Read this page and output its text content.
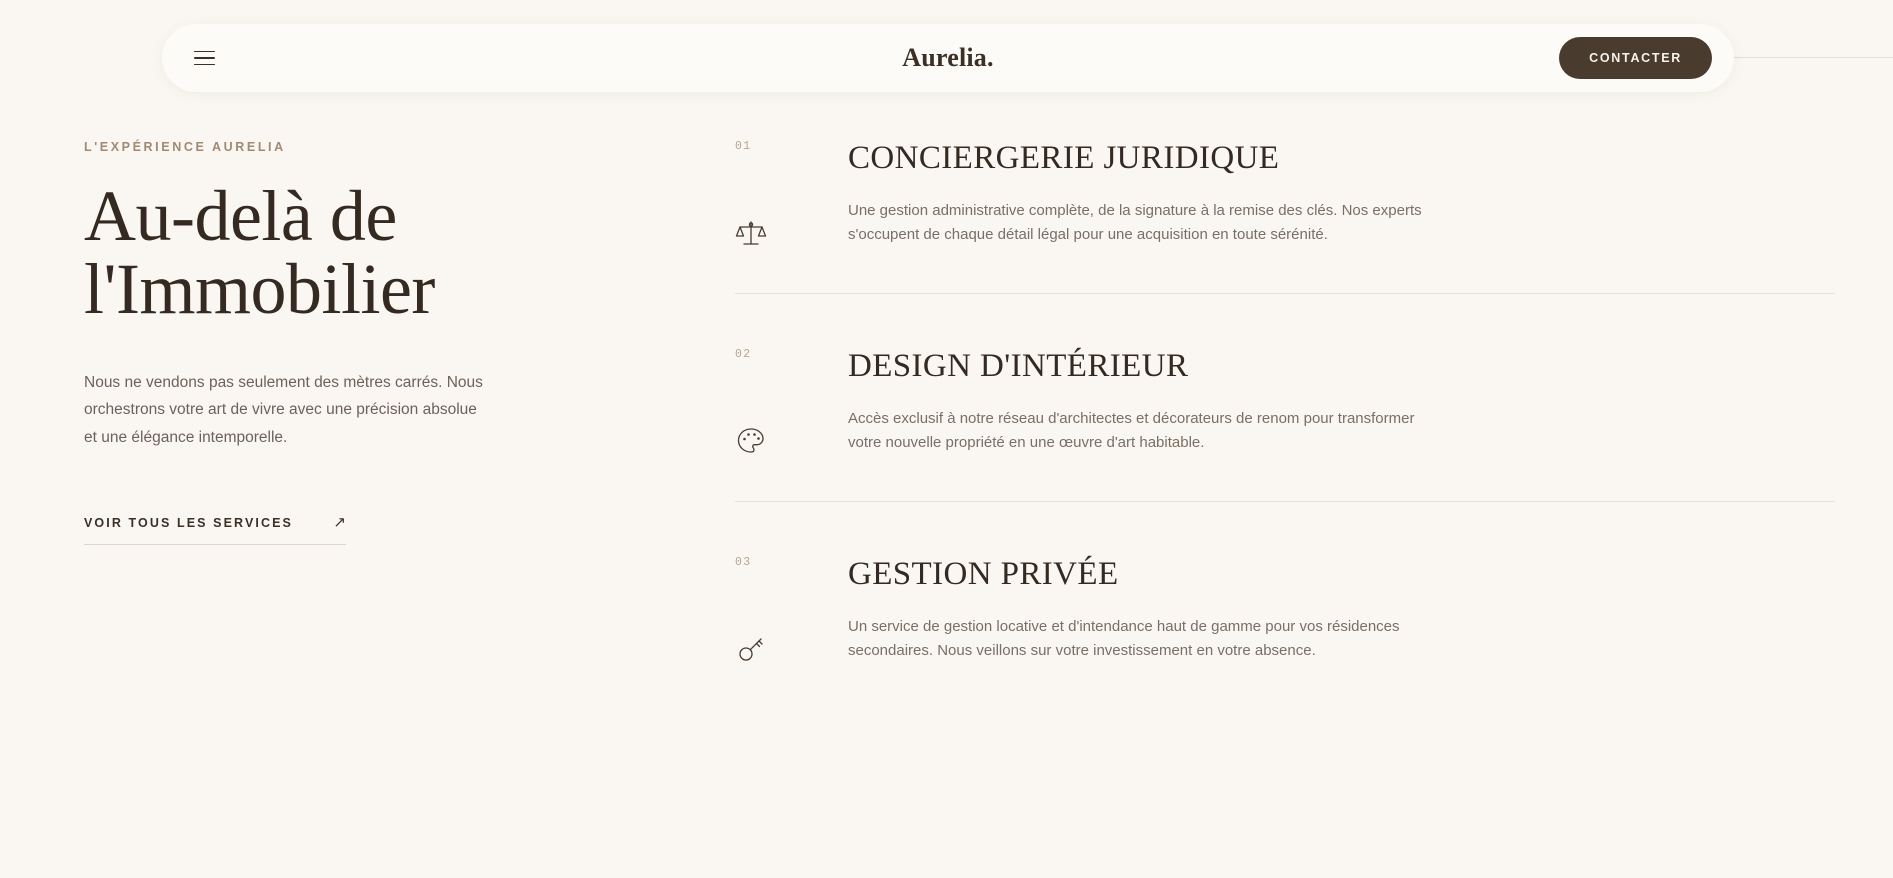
Aurelia.	CONTACTER
L'EXPÉRIENCE AURELIA
Au-delà de l'Immobilier

Nous ne vendons pas seulement des mètres carrés. Nous orchestrons votre art de vivre avec une précision absolue et une élégance intemporelle.

VOIR TOUS LES SERVICES	↗
01	CONCIERGERIE JURIDIQUE

Une gestion administrative complète, de la signature à la remise des clés. Nos experts s'occupent de chaque détail légal pour une acquisition en toute sérénité.

02	DESIGN D'INTÉRIEUR

Accès exclusif à notre réseau d'architectes et décorateurs de renom pour transformer votre nouvelle propriété en une œuvre d'art habitable.

03	GESTION PRIVÉE

Un service de gestion locative et d'intendance haut de gamme pour vos résidences secondaires. Nous veillons sur votre investissement en votre absence.
